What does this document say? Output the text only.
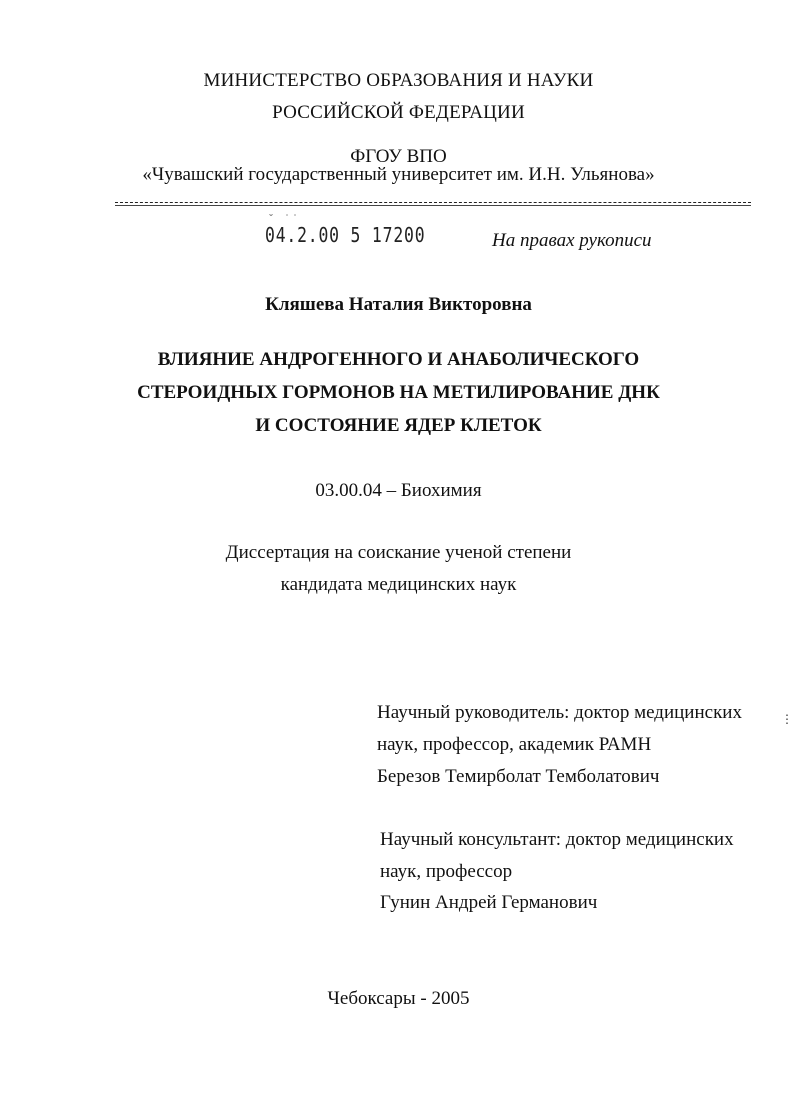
МИНИСТЕРСТВО ОБРАЗОВАНИЯ И НАУКИ
РОССИЙСКОЙ ФЕДЕРАЦИИ
ФГОУ ВПО
«Чувашский государственный университет им. И.Н. Ульянова»
˘ ˙˙
04.2.00 5 17200	На правах рукописи
Кляшева Наталия Викторовна
ВЛИЯНИЕ АНДРОГЕННОГО И АНАБОЛИЧЕСКОГО
СТЕРОИДНЫХ ГОРМОНОВ НА МЕТИЛИРОВАНИЕ ДНК
И СОСТОЯНИЕ ЯДЕР КЛЕТОК
03.00.04 – Биохимия
Диссертация на соискание ученой степени
кандидата медицинских наук
Научный руководитель: доктор медицинских
наук, профессор, академик РАМН
Березов Темирболат Темболатович
⋮
Научный консультант: доктор медицинских
наук, профессор
Гунин Андрей Германович
Чебоксары - 2005
